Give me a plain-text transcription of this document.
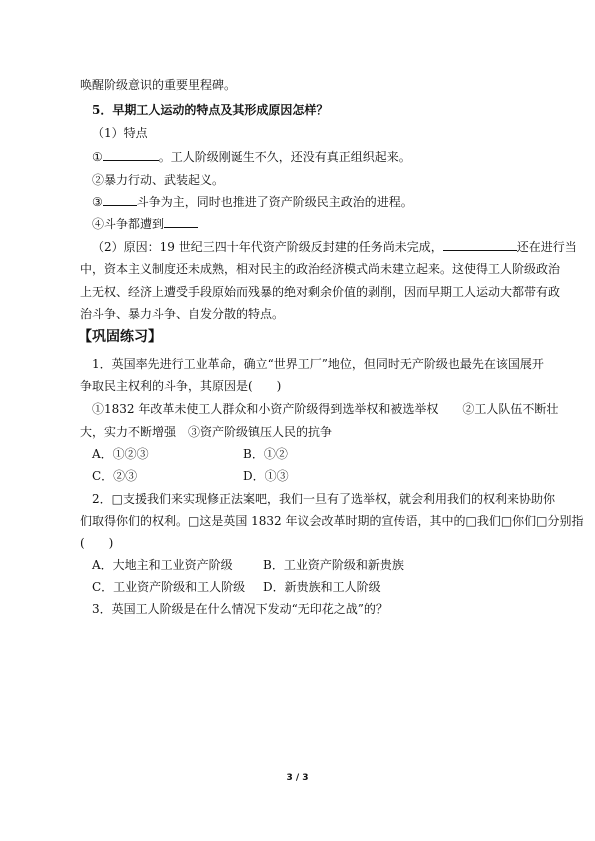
唤醒阶级意识的重要里程碑。
5．早期工人运动的特点及其形成原因怎样？
（1）特点
①	。工人阶级刚诞生不久，还没有真正组织起来。
②暴力行动、武装起义。
③	斗争为主，同时也推进了资产阶级民主政治的进程。
④斗争都遭到
（2）原因：19 世纪三四十年代资产阶级反封建的任务尚未完成，	还在进行当
中，资本主义制度还未成熟，相对民主的政治经济模式尚未建立起来。这使得工人阶级政治
上无权、经济上遭受手段原始而残暴的绝对剩余价值的剥削，因而早期工人运动大都带有政
治斗争、暴力斗争、自发分散的特点。
【巩固练习】
1．英国率先进行工业革命，确立“世界工厂”地位，但同时无产阶级也最先在该国展开
争取民主权利的斗争，其原因是(　　)
①1832 年改革未使工人群众和小资产阶级得到选举权和被选举权　　②工人队伍不断壮
大，实力不断增强　③资产阶级镇压人民的抗争
A．①②③	B．①②
C．②③	D．①③
2．□支援我们来实现修正法案吧，我们一旦有了选举权，就会利用我们的权利来协助你
们取得你们的权利。□这是英国 1832 年议会改革时期的宣传语，其中的□我们□你们□分别指
(　　)
A．大地主和工业资产阶级	B．工业资产阶级和新贵族
C．工业资产阶级和工人阶级 D．新贵族和工人阶级
3．英国工人阶级是在什么情况下发动“无印花之战”的？
3 / 3
